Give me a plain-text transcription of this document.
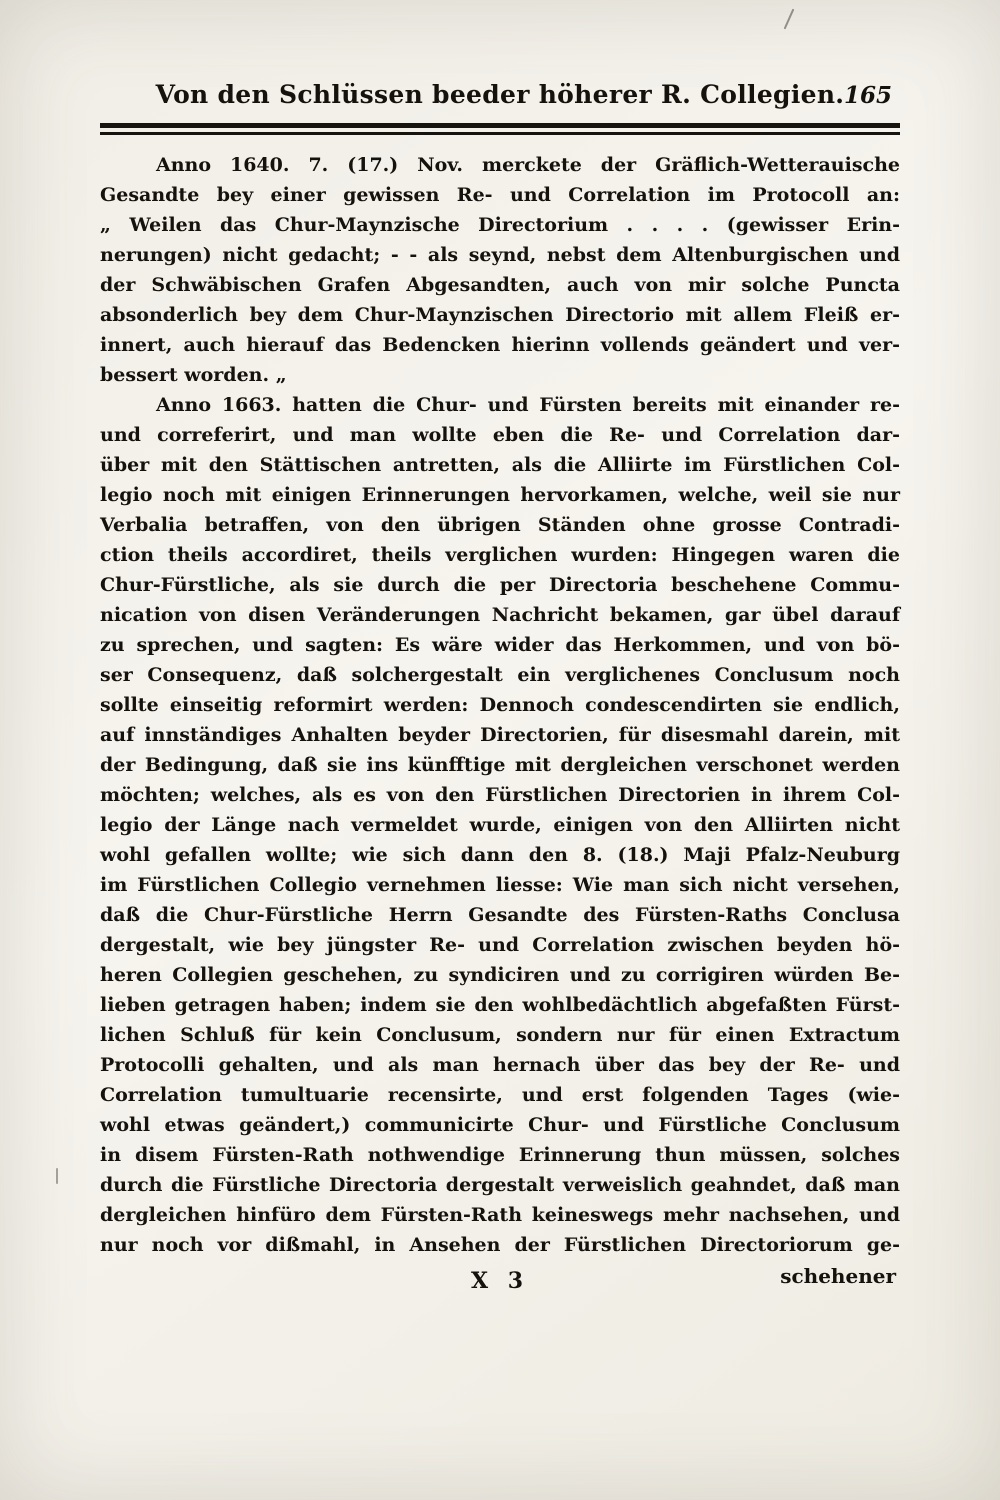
Von den Schlüssen beeder höherer R. Collegien. 165

Anno 1640. 7. (17.) Nov. merckete der Gräflich-Wetterauische
Gesandte bey einer gewissen Re- und Correlation im Protocoll an:
„ Weilen das Chur-Maynzische Directorium . . . . (gewisser Erin-
nerungen) nicht gedacht; - - als seynd, nebst dem Altenburgischen und
der Schwäbischen Grafen Abgesandten, auch von mir solche Puncta
absonderlich bey dem Chur-Maynzischen Directorio mit allem Fleiß er-
innert, auch hierauf das Bedencken hierinn vollends geändert und ver-
bessert worden. „

Anno 1663. hatten die Chur- und Fürsten bereits mit einander re-
und correferirt, und man wollte eben die Re- und Correlation dar-
über mit den Stättischen antretten, als die Alliirte im Fürstlichen Col-
legio noch mit einigen Erinnerungen hervorkamen, welche, weil sie nur
Verbalia betraffen, von den übrigen Ständen ohne grosse Contradi-
ction theils accordiret, theils verglichen wurden: Hingegen waren die
Chur-Fürstliche, als sie durch die per Directoria beschehene Commu-
nication von disen Veränderungen Nachricht bekamen, gar übel darauf
zu sprechen, und sagten: Es wäre wider das Herkommen, und von bö-
ser Consequenz, daß solchergestalt ein verglichenes Conclusum noch
sollte einseitig reformirt werden: Dennoch condescendirten sie endlich,
auf innständiges Anhalten beyder Directorien, für disesmahl darein, mit
der Bedingung, daß sie ins künfftige mit dergleichen verschonet werden
möchten; welches, als es von den Fürstlichen Directorien in ihrem Col-
legio der Länge nach vermeldet wurde, einigen von den Alliirten nicht
wohl gefallen wollte; wie sich dann den 8. (18.) Maji Pfalz-Neuburg
im Fürstlichen Collegio vernehmen liesse: Wie man sich nicht versehen,
daß die Chur-Fürstliche Herrn Gesandte des Fürsten-Raths Conclusa
dergestalt, wie bey jüngster Re- und Correlation zwischen beyden hö-
heren Collegien geschehen, zu syndiciren und zu corrigiren würden Be-
lieben getragen haben; indem sie den wohlbedächtlich abgefaßten Fürst-
lichen Schluß für kein Conclusum, sondern nur für einen Extractum
Protocolli gehalten, und als man hernach über das bey der Re- und
Correlation tumultuarie recensirte, und erst folgenden Tages (wie-
wohl etwas geändert,) communicirte Chur- und Fürstliche Conclusum
in disem Fürsten-Rath nothwendige Erinnerung thun müssen, solches
durch die Fürstliche Directoria dergestalt verweislich geahndet, daß man
dergleichen hinfüro dem Fürsten-Rath keineswegs mehr nachsehen, und
nur noch vor dißmahl, in Ansehen der Fürstlichen Directoriorum ge-

X 3	schehener
